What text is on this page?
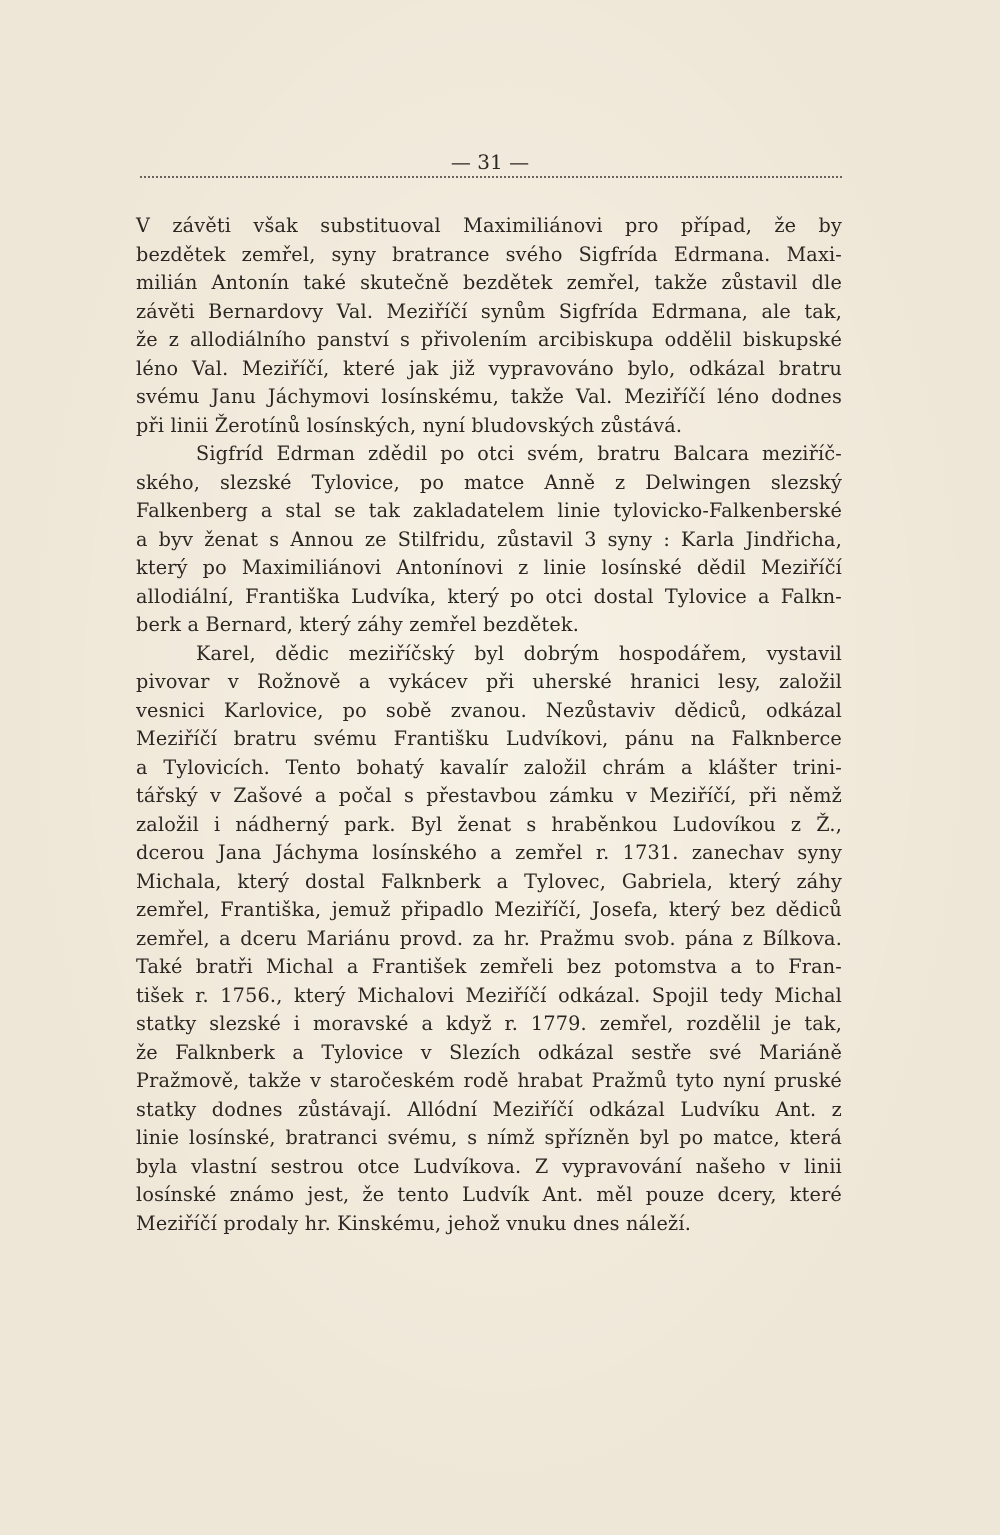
— 31 —
V závěti však substituoval Maximiliánovi pro případ, že by
bezdětek zemřel, syny bratrance svého Sigfrída Edrmana. Maxi-
milián Antonín také skutečně bezdětek zemřel, takže zůstavil dle
závěti Bernardovy Val. Meziříčí synům Sigfrída Edrmana, ale tak,
že z allodiálního panství s přivolením arcibiskupa oddělil biskupské
léno Val. Meziříčí, které jak již vypravováno bylo, odkázal bratru
svému Janu Jáchymovi losínskému, takže Val. Meziříčí léno dodnes
při linii Žerotínů losínských, nyní bludovských zůstává.
Sigfríd Edrman zdědil po otci svém, bratru Balcara meziříč-
ského, slezské Tylovice, po matce Anně z Delwingen slezský
Falkenberg a stal se tak zakladatelem linie tylovicko-Falkenberské
a byv ženat s Annou ze Stilfridu, zůstavil 3 syny : Karla Jindřicha,
který po Maximiliánovi Antonínovi z linie losínské dědil Meziříčí
allodiální, Františka Ludvíka, který po otci dostal Tylovice a Falkn-
berk a Bernard, který záhy zemřel bezdětek.
Karel, dědic meziříčský byl dobrým hospodářem, vystavil
pivovar v Rožnově a vykácev při uherské hranici lesy, založil
vesnici Karlovice, po sobě zvanou. Nezůstaviv dědiců, odkázal
Meziříčí bratru svému Františku Ludvíkovi, pánu na Falknberce
a Tylovicích. Tento bohatý kavalír založil chrám a klášter trini-
tářský v Zašové a počal s přestavbou zámku v Meziříčí, při němž
založil i nádherný park. Byl ženat s hraběnkou Ludovíkou z Ž.,
dcerou Jana Jáchyma losínského a zemřel r. 1731. zanechav syny
Michala, který dostal Falknberk a Tylovec, Gabriela, který záhy
zemřel, Františka, jemuž připadlo Meziříčí, Josefa, který bez dědiců
zemřel, a dceru Mariánu provd. za hr. Pražmu svob. pána z Bílkova.
Také bratři Michal a František zemřeli bez potomstva a to Fran-
tišek r. 1756., který Michalovi Meziříčí odkázal. Spojil tedy Michal
statky slezské i moravské a když r. 1779. zemřel, rozdělil je tak,
že Falknberk a Tylovice v Slezích odkázal sestře své Mariáně
Pražmově, takže v staročeském rodě hrabat Pražmů tyto nyní pruské
statky dodnes zůstávají. Allódní Meziříčí odkázal Ludvíku Ant. z
linie losínské, bratranci svému, s nímž spřízněn byl po matce, která
byla vlastní sestrou otce Ludvíkova. Z vypravování našeho v linii
losínské známo jest, že tento Ludvík Ant. měl pouze dcery, které
Meziříčí prodaly hr. Kinskému, jehož vnuku dnes náleží.
